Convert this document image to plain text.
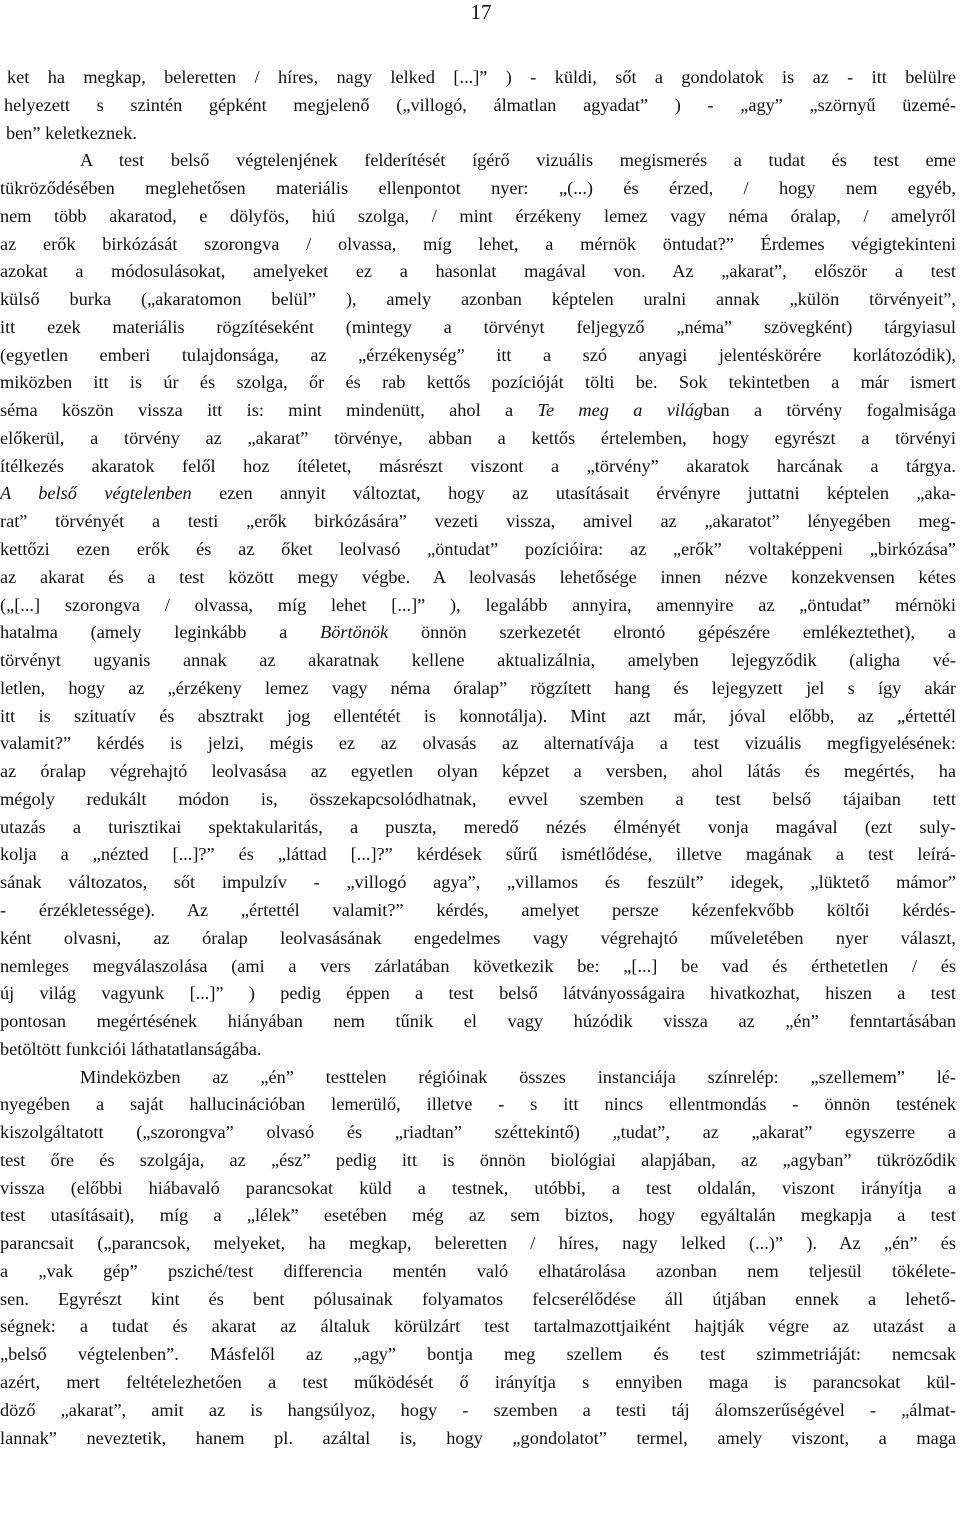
17
ket ha megkap, beleretten / híres, nagy lelked [...]” ) - küldi, sőt a gondolatok is az - itt belülre
helyezett s szintén gépként megjelenő („villogó, álmatlan agyadat” ) - „agy” „szörnyű üzemé-
ben” keletkeznek.
A test belső végtelenjének felderítését ígérő vizuális megismerés a tudat és test eme
tükröződésében meglehetősen materiális ellenpontot nyer: „(...) és érzed, / hogy nem egyéb,
nem több akaratod, e dölyfös, hiú szolga, / mint érzékeny lemez vagy néma óralap, / amelyről
az erők birkózását szorongva / olvassa, míg lehet, a mérnök öntudat?” Érdemes végigtekinteni
azokat a módosulásokat, amelyeket ez a hasonlat magával von. Az „akarat”, először a test
külső burka („akaratomon belül” ), amely azonban képtelen uralni annak „külön törvényeit”,
itt ezek materiális rögzítéseként (mintegy a törvényt feljegyző „néma” szövegként) tárgyiasul
(egyetlen emberi tulajdonsága, az „érzékenység” itt a szó anyagi jelentéskörére korlátozódik),
miközben itt is úr és szolga, őr és rab kettős pozícióját tölti be. Sok tekintetben a már ismert
séma köszön vissza itt is: mint mindenütt, ahol a Te meg a világban a törvény fogalmisága
előkerül, a törvény az „akarat” törvénye, abban a kettős értelemben, hogy egyrészt a törvényi
ítélkezés akaratok felől hoz ítéletet, másrészt viszont a „törvény” akaratok harcának a tárgya.
A belső végtelenben ezen annyit változtat, hogy az utasításait érvényre juttatni képtelen „aka-
rat” törvényét a testi „erők birkózására” vezeti vissza, amivel az „akaratot” lényegében meg-
kettőzi ezen erők és az őket leolvasó „öntudat” pozícióira: az „erők” voltaképpeni „birkózása”
az akarat és a test között megy végbe. A leolvasás lehetősége innen nézve konzekvensen kétes
(„[...] szorongva / olvassa, míg lehet [...]” ), legalább annyira, amennyire az „öntudat” mérnöki
hatalma (amely leginkább a Börtönök önnön szerkezetét elrontó gépészére emlékeztethet), a
törvényt ugyanis annak az akaratnak kellene aktualizálnia, amelyben lejegyződik (aligha vé-
letlen, hogy az „érzékeny lemez vagy néma óralap” rögzített hang és lejegyzett jel s így akár
itt is szituatív és absztrakt jog ellentétét is konnotálja). Mint azt már, jóval előbb, az „értettél
valamit?” kérdés is jelzi, mégis ez az olvasás az alternatívája a test vizuális megfigyelésének:
az óralap végrehajtó leolvasása az egyetlen olyan képzet a versben, ahol látás és megértés, ha
mégoly redukált módon is, összekapcsolódhatnak, evvel szemben a test belső tájaiban tett
utazás a turisztikai spektakularitás, a puszta, meredő nézés élményét vonja magával (ezt suly-
kolja a „nézted [...]?” és „láttad [...]?” kérdések sűrű ismétlődése, illetve magának a test leírá-
sának változatos, sőt impulzív - „villogó agya”, „villamos és feszült” idegek, „lüktető mámor”
- érzékletessége). Az „értettél valamit?” kérdés, amelyet persze kézenfekvőbb költői kérdés-
ként olvasni, az óralap leolvasásának engedelmes vagy végrehajtó műveletében nyer választ,
nemleges megválaszolása (ami a vers zárlatában következik be: „[...] be vad és érthetetlen / és
új világ vagyunk [...]” ) pedig éppen a test belső látványosságaira hivatkozhat, hiszen a test
pontosan megértésének hiányában nem tűnik el vagy húzódik vissza az „én” fenntartásában
betöltött funkciói láthatatlanságába.
Mindeközben az „én” testtelen régióinak összes instanciája színrelép: „szellemem” lé-
nyegében a saját hallucinációban lemerülő, illetve - s itt nincs ellentmondás - önnön testének
kiszolgáltatott („szorongva” olvasó és „riadtan” széttekintő) „tudat”, az „akarat” egyszerre a
test őre és szolgája, az „ész” pedig itt is önnön biológiai alapjában, az „agyban” tükröződik
vissza (előbbi hiábavaló parancsokat küld a testnek, utóbbi, a test oldalán, viszont irányítja a
test utasításait), míg a „lélek” esetében még az sem biztos, hogy egyáltalán megkapja a test
parancsait („parancsok, melyeket, ha megkap, beleretten / híres, nagy lelked (...)” ). Az „én” és
a „vak gép” psziché/test differencia mentén való elhatárolása azonban nem teljesül tökélete-
sen. Egyrészt kint és bent pólusainak folyamatos felcserélődése áll útjában ennek a lehető-
ségnek: a tudat és akarat az általuk körülzárt test tartalmazottjaiként hajtják végre az utazást a
„belső végtelenben”. Másfelől az „agy” bontja meg szellem és test szimmetriáját: nemcsak
azért, mert feltételezhetően a test működését ő irányítja s ennyiben maga is parancsokat kül-
döző „akarat”, amit az is hangsúlyoz, hogy - szemben a testi táj álomszerűségével - „álmat-
lannak” neveztetik, hanem pl. azáltal is, hogy „gondolatot” termel, amely viszont, a maga
